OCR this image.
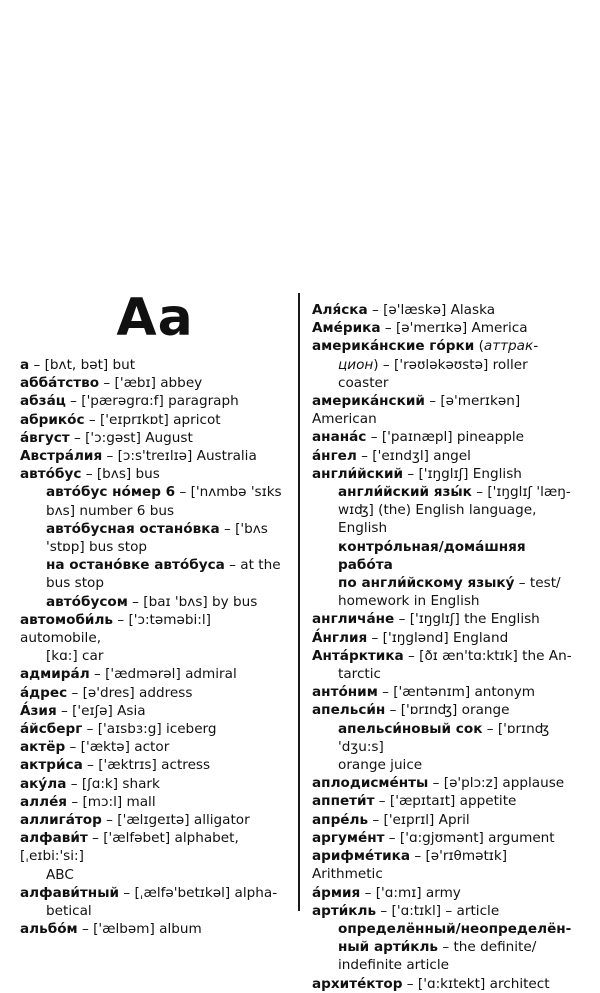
Aa

а – [bʌt, bət] but

абба́тство – ['æbɪ] abbey

абза́ц – ['pærəgrɑ:f] paragraph

абрико́с – ['eɪprɪkɒt] apricot

а́вгуст – ['ɔ:gəst] August

Австра́лия – [ɔ:s'treɪlɪə] Australia

авто́бус – [bʌs] bus

авто́бус но́мер 6 – ['nʌmbə 'sɪks

bʌs] number 6 bus

авто́бусная остано́вка – ['bʌs

'stɒp] bus stop

на остано́вке авто́буса – at the

bus stop

авто́бусом – [baɪ 'bʌs] by bus

автомоби́ль – ['ɔ:təməbi:l] automobile,

[kɑ:] car

адмира́л – ['ædmərəl] admiral

а́дрес – [ə'dres] address

А́зия – ['eɪʃə] Asia

а́йсберг – ['aɪsbɜ:g] iceberg

актёр – ['æktə] actor

актри́са – ['æktrɪs] actress

аку́ла – [ʃɑ:k] shark

алле́я – [mɔ:l] mall

аллига́тор – ['ælɪgeɪtə] alligator

алфави́т – ['ælfəbet] alphabet, [ˌeɪbi:'si:]

ABC

алфави́тный – [ˌælfə'betɪkəl] alpha-

betical

альбо́м – ['ælbəm] album

Аля́ска – [ə'læskə] Alaska

Аме́рика – [ə'merɪkə] America

америка́нские го́рки (аттрак-

цион) – ['rəʊləkəʊstə] roller coaster

америка́нский – [ə'merɪkən] American

анана́с – ['paɪnæpl] pineapple

а́нгел – ['eɪndʒl] angel

англи́йский – ['ɪŋglɪʃ] English

англи́йский язы́к – ['ɪŋglɪʃ 'læŋ-

wɪʤ] (the) English language,

English

контро́льная/дома́шняя рабо́та

по англи́йскому языку́ – test/

homework in English

англича́не – ['ɪŋglɪʃ] the English

А́нглия – ['ɪŋglənd] England

Анта́рктика – [ðɪ æn'tɑ:ktɪk] the An-

tarctic

анто́ним – ['æntənɪm] antonym

апельси́н – ['ɒrɪnʤ] orange

апельси́новый сок – ['ɒrɪnʤ 'dʒu:s]

orange juice

аплодисме́нты – [ə'plɔ:z] applause

аппети́т – ['æpɪtaɪt] appetite

апре́ль – ['eɪprɪl] April

аргуме́нт – ['ɑ:gjʊmənt] argument

арифме́тика – [ə'rɪθmətɪk] Arithmetic

а́рмия – ['ɑ:mɪ] army

арти́кль – ['ɑ:tɪkl] – article

определённый/неопределён-

ный арти́кль – the definite/

indefinite article

архите́ктор – ['ɑ:kɪtekt] architect
